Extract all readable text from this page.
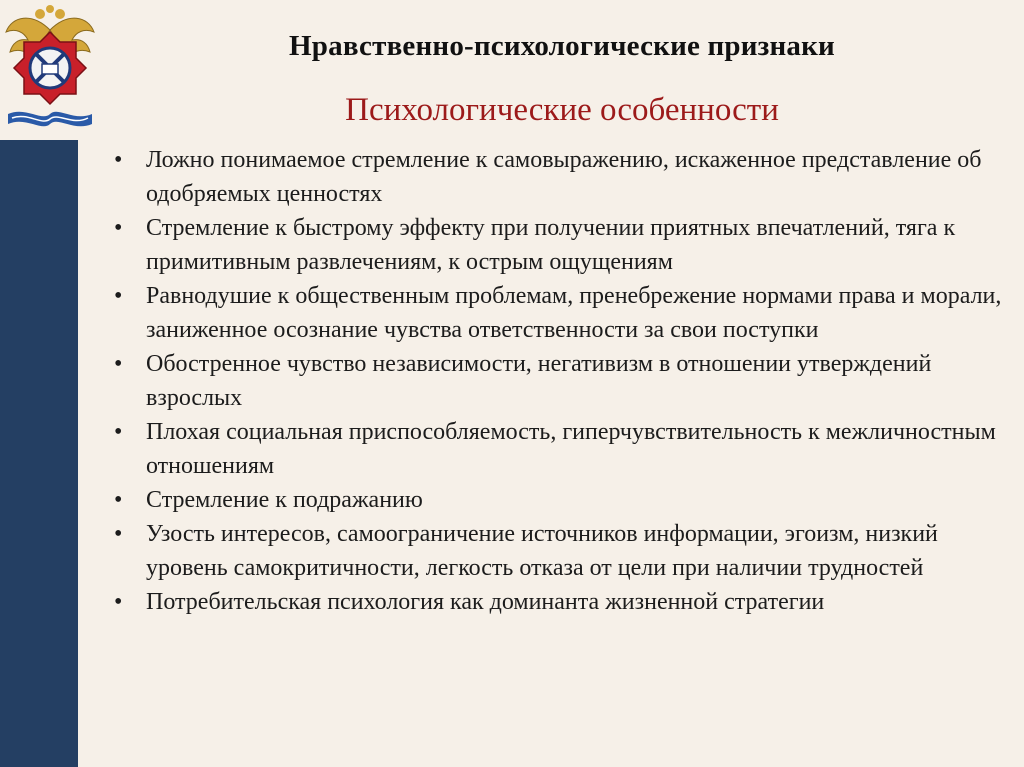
Нравственно-психологические признаки
Психологические особенности
• Ложно понимаемое стремление к самовыражению, искаженное представление об одобряемых ценностях
• Стремление к быстрому эффекту при получении приятных впечатлений, тяга к примитивным развлечениям, к острым ощущениям
• Равнодушие к общественным проблемам, пренебрежение нормами права и морали, заниженное осознание чувства ответственности за свои поступки
• Обостренное чувство независимости, негативизм в отношении утверждений взрослых
• Плохая социальная приспособляемость, гиперчувствительность к межличностным отношениям
• Стремление к подражанию
• Узость интересов, самоограничение источников информации, эгоизм, низкий уровень самокритичности, легкость отказа от цели при наличии трудностей
• Потребительская психология как доминанта жизненной стратегии
